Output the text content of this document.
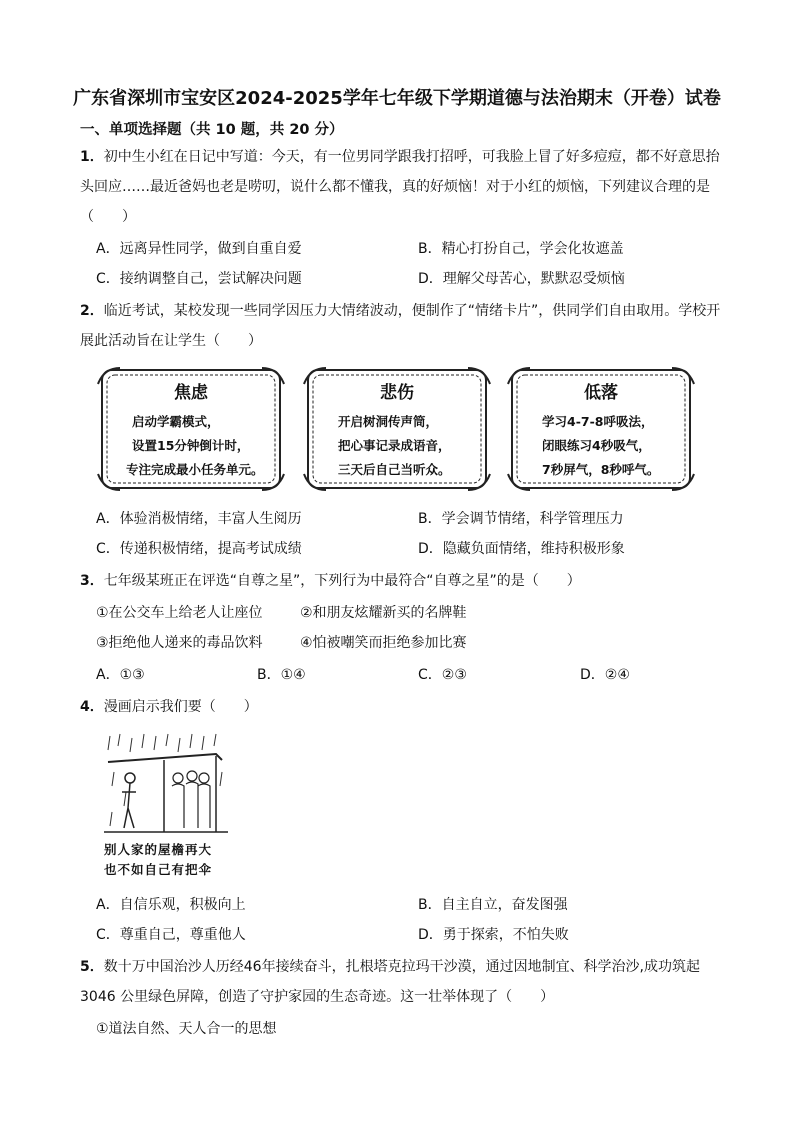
广东省深圳市宝安区2024-2025学年七年级下学期道德与法治期末（开卷）试卷
一、单项选择题（共 10 题，共 20 分）
1．初中生小红在日记中写道：今天，有一位男同学跟我打招呼，可我脸上冒了好多痘痘，都不好意思抬
头回应……最近爸妈也老是唠叨，说什么都不懂我，真的好烦恼！对于小红的烦恼，下列建议合理的是
（　　）
A．远离异性同学，做到自重自爱	B．精心打扮自己，学会化妆遮盖
C．接纳调整自己，尝试解决问题	D．理解父母苦心，默默忍受烦恼
2．临近考试，某校发现一些同学因压力大情绪波动，便制作了“情绪卡片”，供同学们自由取用。学校开
展此活动旨在让学生（　　）
焦虑
启动学霸模式，
设置15分钟倒计时，
专注完成最小任务单元。
悲伤
开启树洞传声筒，
把心事记录成语音，
三天后自己当听众。
低落
学习4-7-8呼吸法，
闭眼练习4秒吸气，
7秒屏气，8秒呼气。
A．体验消极情绪，丰富人生阅历	B．学会调节情绪，科学管理压力
C．传递积极情绪，提高考试成绩	D．隐藏负面情绪，维持积极形象
3．七年级某班正在评选“自尊之星”，下列行为中最符合“自尊之星”的是（　　）
①在公交车上给老人让座位	②和朋友炫耀新买的名牌鞋
③拒绝他人递来的毒品饮料	④怕被嘲笑而拒绝参加比赛
A．①③	B．①④	C．②③	D．②④
4．漫画启示我们要（　　）
别人家的屋檐再大
也不如自己有把伞
A．自信乐观，积极向上	B．自主自立，奋发图强
C．尊重自己，尊重他人	D．勇于探索，不怕失败
5．数十万中国治沙人历经46年接续奋斗，扎根塔克拉玛干沙漠，通过因地制宜、科学治沙,成功筑起
3046 公里绿色屏障，创造了守护家园的生态奇迹。这一壮举体现了（　　）
①道法自然、天人合一的思想
